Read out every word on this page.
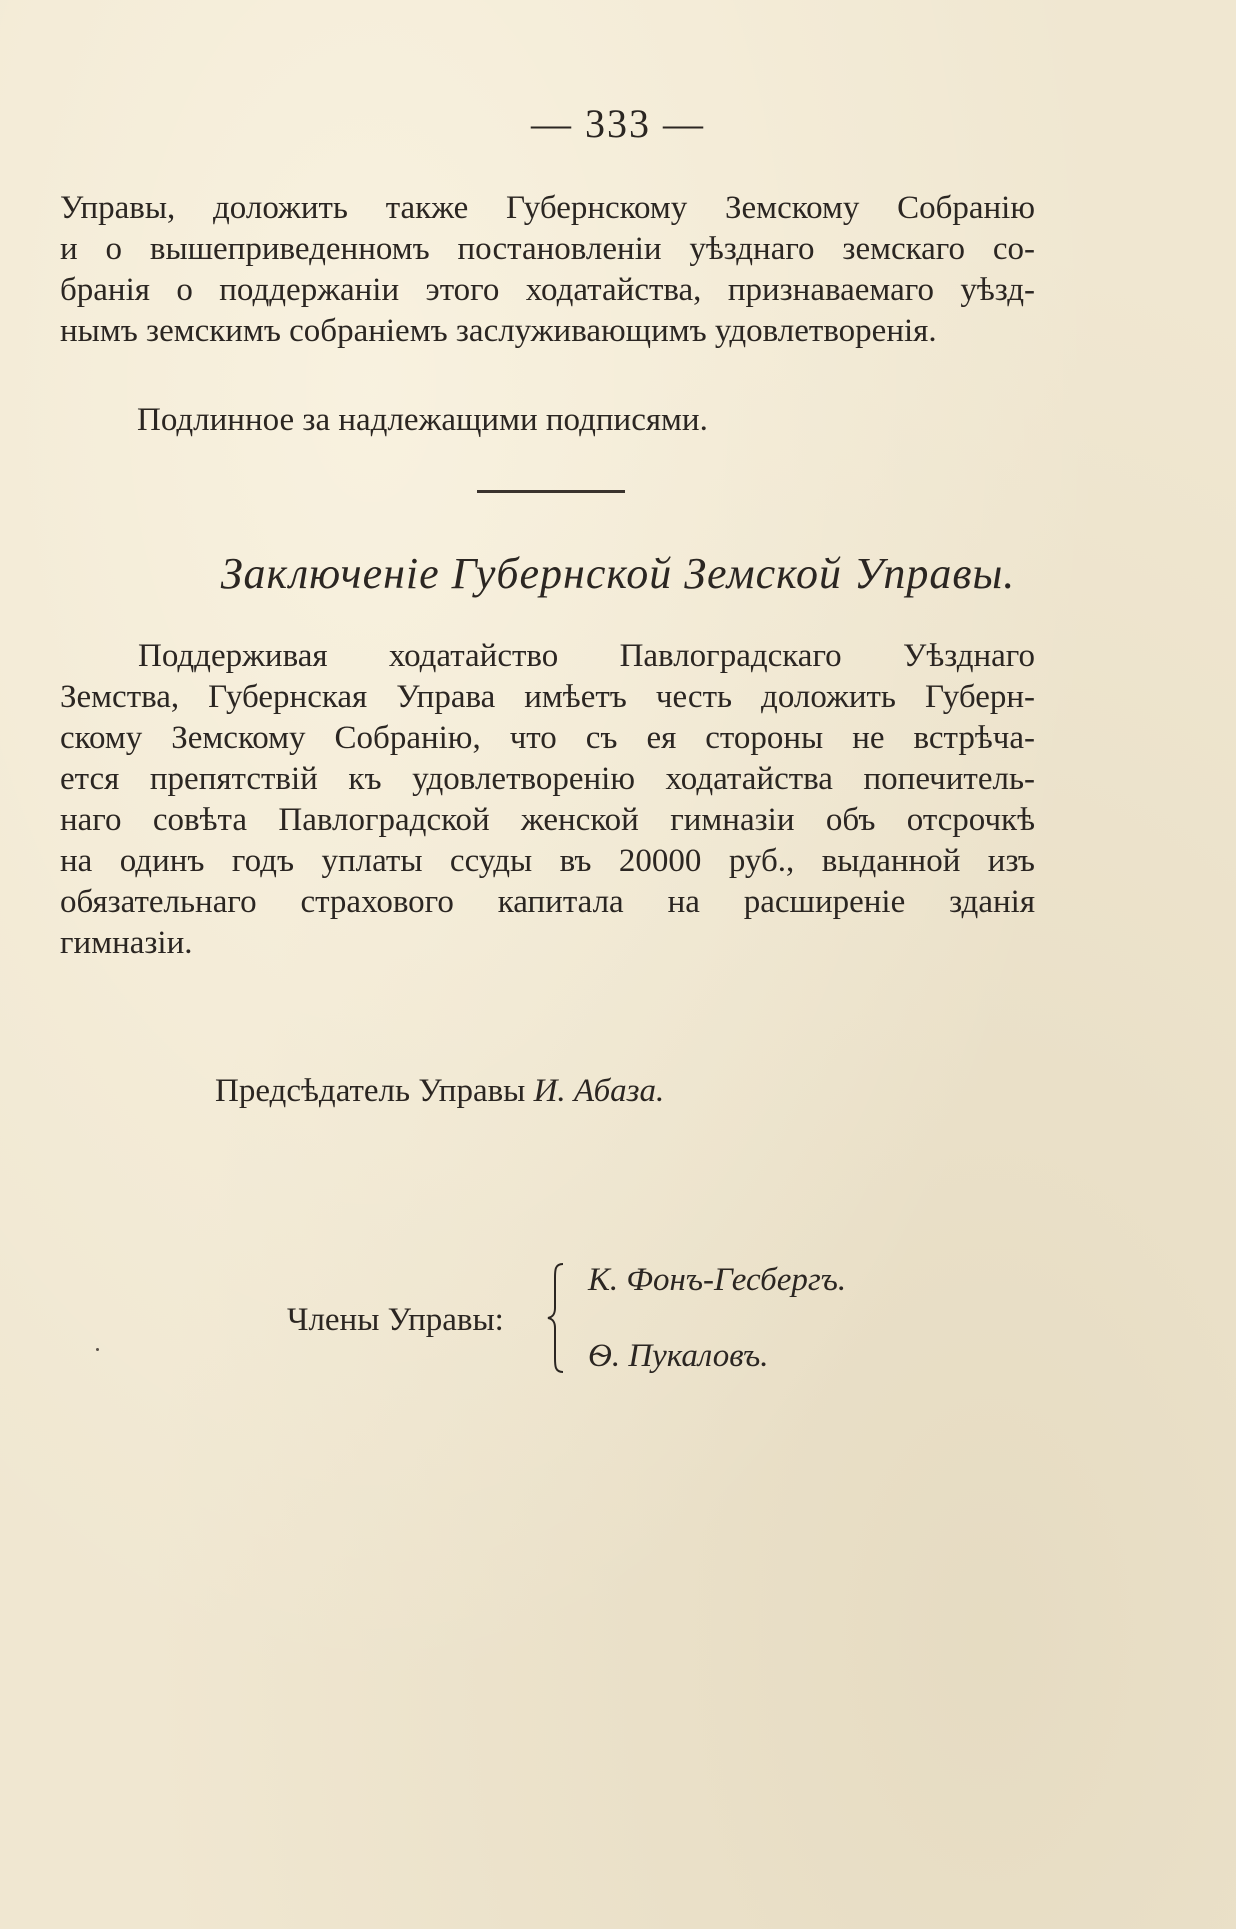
— 333 —
Управы, доложить также Губернскому Земскому Собранію
и о вышеприведенномъ постановленіи уѣзднаго земскаго со-
бранія о поддержаніи этого ходатайства, признаваемаго уѣзд-
нымъ земскимъ собраніемъ заслуживающимъ удовлетворенія.
Подлинное за надлежащими подписями.
Заключеніе Губернской Земской Управы.
Поддерживая ходатайство Павлоградскаго Уѣзднаго
Земства, Губернская Управа имѣетъ честь доложить Губерн-
скому Земскому Собранію, что съ ея стороны не встрѣча-
ется препятствій къ удовлетворенію ходатайства попечитель-
наго совѣта Павлоградской женской гимназіи объ отсрочкѣ
на одинъ годъ уплаты ссуды въ 20000 руб., выданной изъ
обязательнаго страхового капитала на расширеніе зданія
гимназіи.
Предсѣдатель Управы И. Абаза.
Члены Управы:
К. Фонъ-Гесбергъ.
Ѳ. Пукаловъ.
